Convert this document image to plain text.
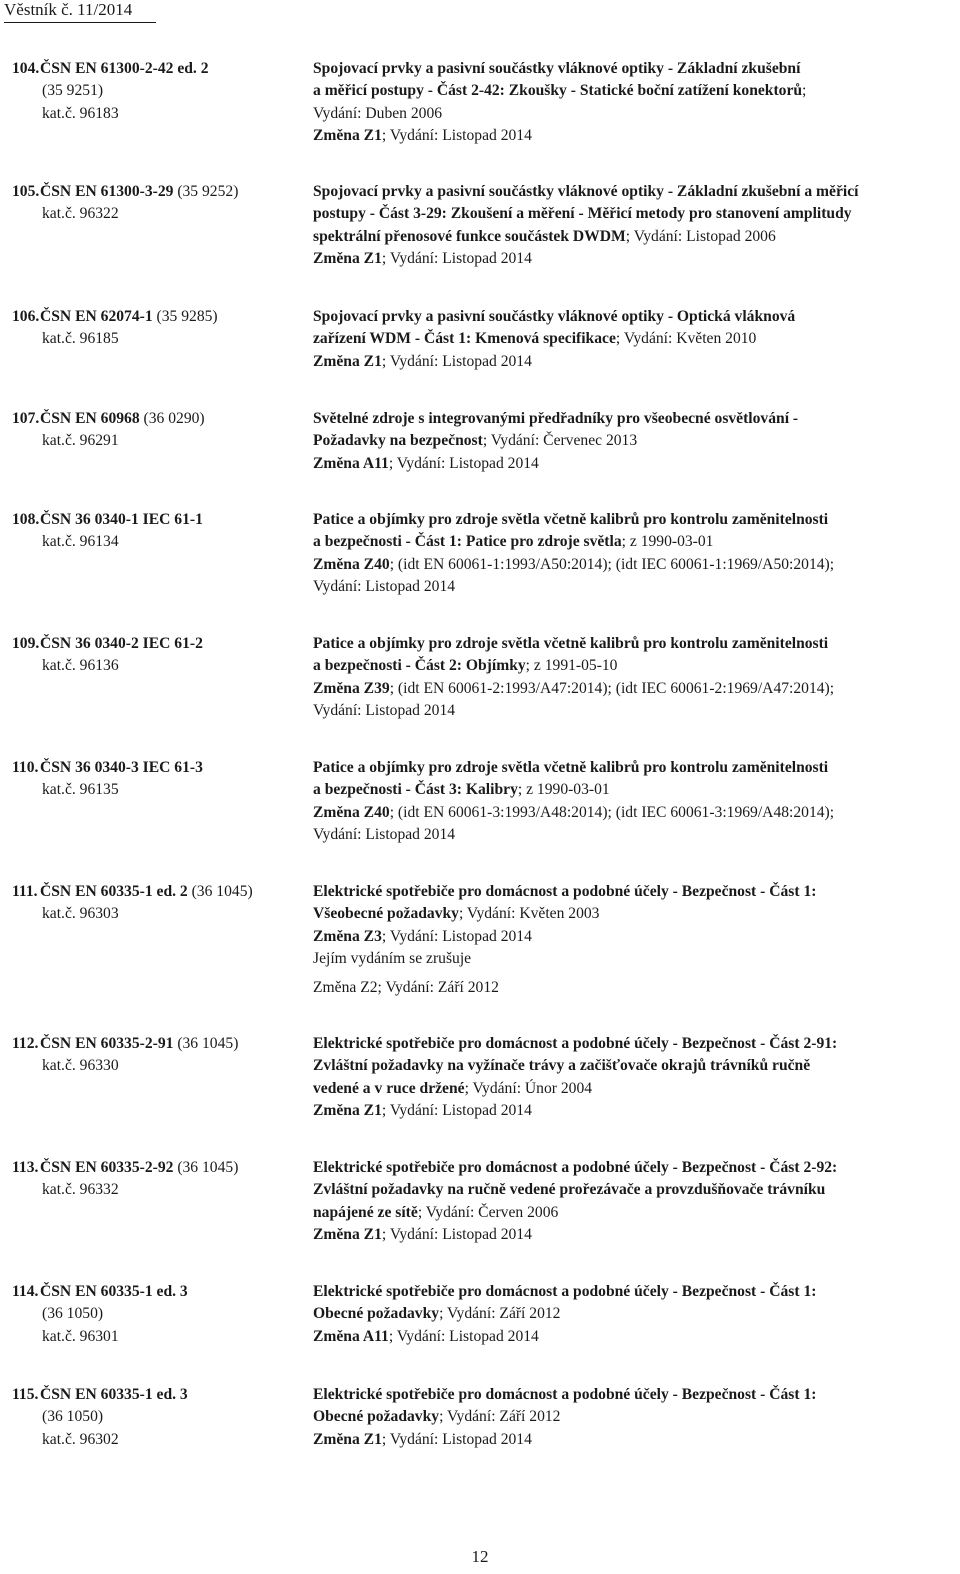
Věstník č. 11/2014
104. ČSN EN 61300-2-42 ed. 2
(35 9251)
kat.č. 96183
Spojovací prvky a pasivní součástky vláknové optiky - Základní zkušební
a měřicí postupy - Část 2-42: Zkoušky - Statické boční zatížení konektorů;
Vydání: Duben 2006
Změna Z1; Vydání: Listopad 2014
105. ČSN EN 61300-3-29 (35 9252)
kat.č. 96322
Spojovací prvky a pasivní součástky vláknové optiky - Základní zkušební a měřicí
postupy - Část 3-29: Zkoušení a měření - Měřicí metody pro stanovení amplitudy
spektrální přenosové funkce součástek DWDM; Vydání: Listopad 2006
Změna Z1; Vydání: Listopad 2014
106. ČSN EN 62074-1 (35 9285)
kat.č. 96185
Spojovací prvky a pasivní součástky vláknové optiky - Optická vláknová
zařízení WDM - Část 1: Kmenová specifikace; Vydání: Květen 2010
Změna Z1; Vydání: Listopad 2014
107. ČSN EN 60968 (36 0290)
kat.č. 96291
Světelné zdroje s integrovanými předřadníky pro všeobecné osvětlování -
Požadavky na bezpečnost; Vydání: Červenec 2013
Změna A11; Vydání: Listopad 2014
108. ČSN 36 0340-1 IEC 61-1
kat.č. 96134
Patice a objímky pro zdroje světla včetně kalibrů pro kontrolu zaměnitelnosti
a bezpečnosti - Část 1: Patice pro zdroje světla; z 1990-03-01
Změna Z40; (idt EN 60061-1:1993/A50:2014); (idt IEC 60061-1:1969/A50:2014);
Vydání: Listopad 2014
109. ČSN 36 0340-2 IEC 61-2
kat.č. 96136
Patice a objímky pro zdroje světla včetně kalibrů pro kontrolu zaměnitelnosti
a bezpečnosti - Část 2: Objímky; z 1991-05-10
Změna Z39; (idt EN 60061-2:1993/A47:2014); (idt IEC 60061-2:1969/A47:2014);
Vydání: Listopad 2014
110. ČSN 36 0340-3 IEC 61-3
kat.č. 96135
Patice a objímky pro zdroje světla včetně kalibrů pro kontrolu zaměnitelnosti
a bezpečnosti - Část 3: Kalibry; z 1990-03-01
Změna Z40; (idt EN 60061-3:1993/A48:2014); (idt IEC 60061-3:1969/A48:2014);
Vydání: Listopad 2014
111. ČSN EN 60335-1 ed. 2 (36 1045)
kat.č. 96303
Elektrické spotřebiče pro domácnost a podobné účely - Bezpečnost - Část 1:
Všeobecné požadavky; Vydání: Květen 2003
Změna Z3; Vydání: Listopad 2014
Jejím vydáním se zrušuje
Změna Z2; Vydání: Září 2012
112. ČSN EN 60335-2-91 (36 1045)
kat.č. 96330
Elektrické spotřebiče pro domácnost a podobné účely - Bezpečnost - Část 2-91:
Zvláštní požadavky na vyžínače trávy a začišťovače okrajů trávníků ručně
vedené a v ruce držené; Vydání: Únor 2004
Změna Z1; Vydání: Listopad 2014
113. ČSN EN 60335-2-92 (36 1045)
kat.č. 96332
Elektrické spotřebiče pro domácnost a podobné účely - Bezpečnost - Část 2-92:
Zvláštní požadavky na ručně vedené prořezávače a provzdušňovače trávníku
napájené ze sítě; Vydání: Červen 2006
Změna Z1; Vydání: Listopad 2014
114. ČSN EN 60335-1 ed. 3
(36 1050)
kat.č. 96301
Elektrické spotřebiče pro domácnost a podobné účely - Bezpečnost - Část 1:
Obecné požadavky; Vydání: Září 2012
Změna A11; Vydání: Listopad 2014
115. ČSN EN 60335-1 ed. 3
(36 1050)
kat.č. 96302
Elektrické spotřebiče pro domácnost a podobné účely - Bezpečnost - Část 1:
Obecné požadavky; Vydání: Září 2012
Změna Z1; Vydání: Listopad 2014
12
